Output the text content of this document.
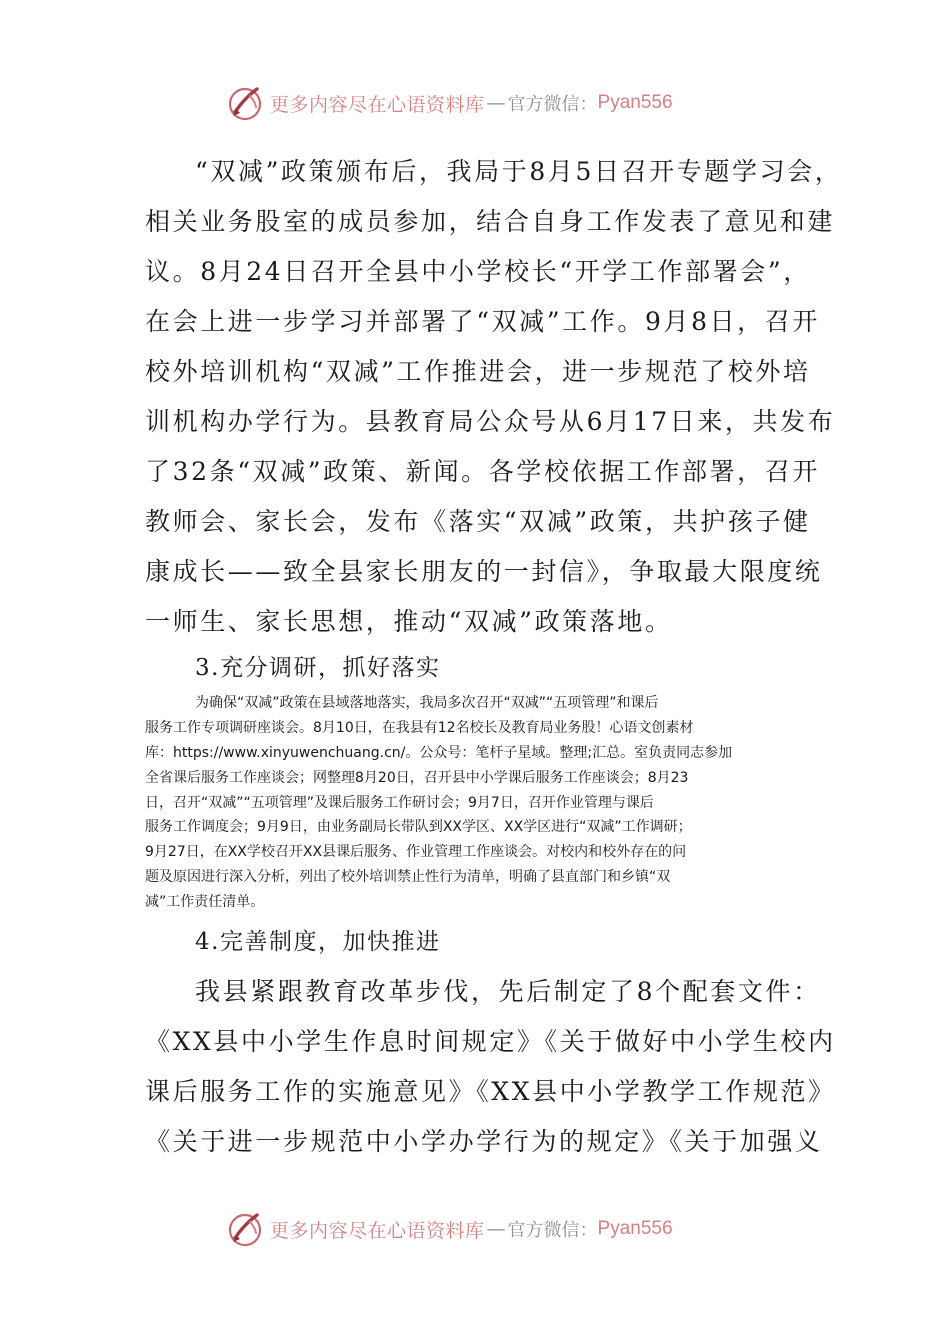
更多内容尽在心语资料库 — 官方微信： Pyan556
“双减”政策颁布后，我局于8月5日召开专题学习会，
相关业务股室的成员参加，结合自身工作发表了意见和建
议。8月24日召开全县中小学校长“开学工作部署会”，
在会上进一步学习并部署了“双减”工作。9月8日，召开
校外培训机构“双减”工作推进会，进一步规范了校外培
训机构办学行为。县教育局公众号从6月17日来，共发布
了32条“双减”政策、新闻。各学校依据工作部署，召开
教师会、家长会，发布《落实“双减”政策，共护孩子健
康成长——致全县家长朋友的一封信》，争取最大限度统
一师生、家长思想，推动“双减”政策落地。
3.充分调研，抓好落实
为确保“双减”政策在县域落地落实，我局多次召开“双减”“五项管理”和课后
服务工作专项调研座谈会。8月10日，在我县有12名校长及教育局业务股！心语文创素材
库：https://www.xinyuwenchuang.cn/。公众号：笔杆子星域。整理;汇总。室负责同志参加
全省课后服务工作座谈会；网整理8月20日，召开县中小学课后服务工作座谈会；8月23
日，召开“双减”“五项管理”及课后服务工作研讨会；9月7日，召开作业管理与课后
服务工作调度会；9月9日，由业务副局长带队到XX学区、XX学区进行“双减”工作调研；
9月27日，在XX学校召开XX县课后服务、作业管理工作座谈会。对校内和校外存在的问
题及原因进行深入分析，列出了校外培训禁止性行为清单，明确了县直部门和乡镇“双
减”工作责任清单。
4.完善制度，加快推进
我县紧跟教育改革步伐，先后制定了8个配套文件：
《XX县中小学生作息时间规定》《关于做好中小学生校内
课后服务工作的实施意见》《XX县中小学教学工作规范》
《关于进一步规范中小学办学行为的规定》《关于加强义
更多内容尽在心语资料库 — 官方微信： Pyan556
